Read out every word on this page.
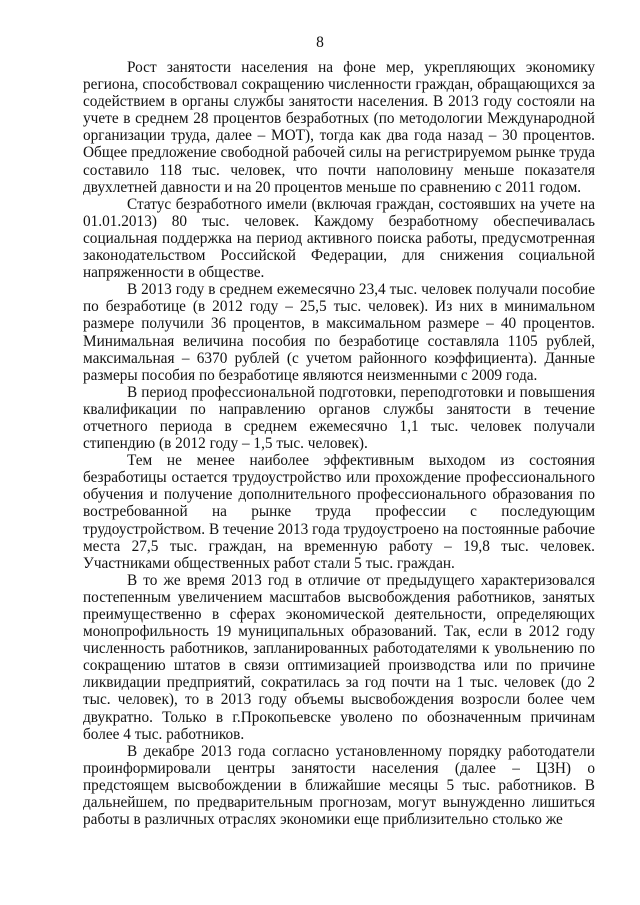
8

Рост занятости населения на фоне мер, укрепляющих экономику региона, способствовал сокращению численности граждан, обращающихся за содействием в органы службы занятости населения. В 2013 году состояли на учете в среднем 28 процентов безработных (по методологии Международной организации труда, далее – МОТ), тогда как два года назад – 30 процентов. Общее предложение свободной рабочей силы на регистрируемом рынке труда составило 118 тыс. человек, что почти наполовину меньше показателя двухлетней давности и на 20 процентов меньше по сравнению с 2011 годом.

Статус безработного имели (включая граждан, состоявших на учете на 01.01.2013) 80 тыс. человек. Каждому безработному обеспечивалась социальная поддержка на период активного поиска работы, предусмотренная законодательством Российской Федерации, для снижения социальной напряженности в обществе.

В 2013 году в среднем ежемесячно 23,4 тыс. человек получали пособие по безработице (в 2012 году – 25,5 тыс. человек). Из них в минимальном размере получили 36 процентов, в максимальном размере – 40 процентов. Минимальная величина пособия по безработице составляла 1105 рублей, максимальная – 6370 рублей (с учетом районного коэффициента). Данные размеры пособия по безработице являются неизменными с 2009 года.

В период профессиональной подготовки, переподготовки и повышения квалификации по направлению органов службы занятости в течение отчетного периода в среднем ежемесячно 1,1 тыс. человек получали стипендию (в 2012 году – 1,5 тыс. человек).

Тем не менее наиболее эффективным выходом из состояния безработицы остается трудоустройство или прохождение профессионального обучения и получение дополнительного профессионального образования по востребованной на рынке труда профессии с последующим трудоустройством. В течение 2013 года трудоустроено на постоянные рабочие места 27,5 тыс. граждан, на временную работу – 19,8 тыс. человек. Участниками общественных работ стали 5 тыс. граждан.

В то же время 2013 год в отличие от предыдущего характеризовался постепенным увеличением масштабов высвобождения работников, занятых преимущественно в сферах экономической деятельности, определяющих монопрофильность 19 муниципальных образований. Так, если в 2012 году численность работников, запланированных работодателями к увольнению по сокращению штатов в связи оптимизацией производства или по причине ликвидации предприятий, сократилась за год почти на 1 тыс. человек (до 2 тыс. человек), то в 2013 году объемы высвобождения возросли более чем двукратно. Только в г.Прокопьевске уволено по обозначенным причинам более 4 тыс. работников.

В декабре 2013 года согласно установленному порядку работодатели проинформировали центры занятости населения (далее – ЦЗН) о предстоящем высвобождении в ближайшие месяцы 5 тыс. работников. В дальнейшем, по предварительным прогнозам, могут вынужденно лишиться работы в различных отраслях экономики еще приблизительно столько же
